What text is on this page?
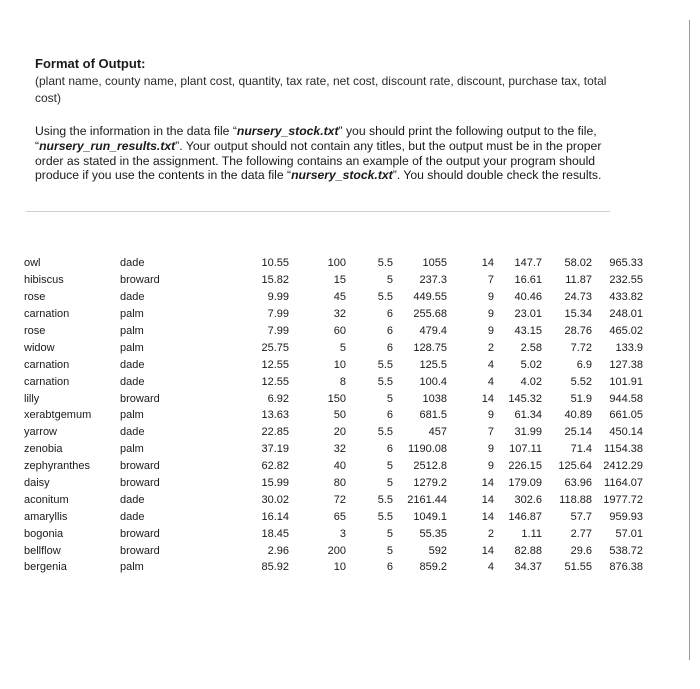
Format of Output:
(plant name, county name, plant cost, quantity, tax rate, net cost, discount rate, discount, purchase tax, total cost)
Using the information in the data file “nursery_stock.txt” you should print the following output to the file, “nursery_run_results.txt”. Your output should not contain any titles, but the output must be in the proper order as stated in the assignment. The following contains an example of the output your program should produce if you use the contents in the data file “nursery_stock.txt”. You should double check the results.
owl	dade	10.55	100	5.5	1055	14	147.7	58.02	965.33
hibiscus	broward	15.82	15	5	237.3	7	16.61	11.87	232.55
rose	dade	9.99	45	5.5	449.55	9	40.46	24.73	433.82
carnation	palm	7.99	32	6	255.68	9	23.01	15.34	248.01
rose	palm	7.99	60	6	479.4	9	43.15	28.76	465.02
widow	palm	25.75	5	6	128.75	2	2.58	7.72	133.9
carnation	dade	12.55	10	5.5	125.5	4	5.02	6.9	127.38
carnation	dade	12.55	8	5.5	100.4	4	4.02	5.52	101.91
lilly	broward	6.92	150	5	1038	14	145.32	51.9	944.58
xerabtgemum	palm	13.63	50	6	681.5	9	61.34	40.89	661.05
yarrow	dade	22.85	20	5.5	457	7	31.99	25.14	450.14
zenobia	palm	37.19	32	6	1190.08	9	107.11	71.4	1154.38
zephyranthes	broward	62.82	40	5	2512.8	9	226.15	125.64	2412.29
daisy	broward	15.99	80	5	1279.2	14	179.09	63.96	1164.07
aconitum	dade	30.02	72	5.5	2161.44	14	302.6	118.88	1977.72
amaryllis	dade	16.14	65	5.5	1049.1	14	146.87	57.7	959.93
bogonia	broward	18.45	3	5	55.35	2	1.11	2.77	57.01
bellflow	broward	2.96	200	5	592	14	82.88	29.6	538.72
bergenia	palm	85.92	10	6	859.2	4	34.37	51.55	876.38
